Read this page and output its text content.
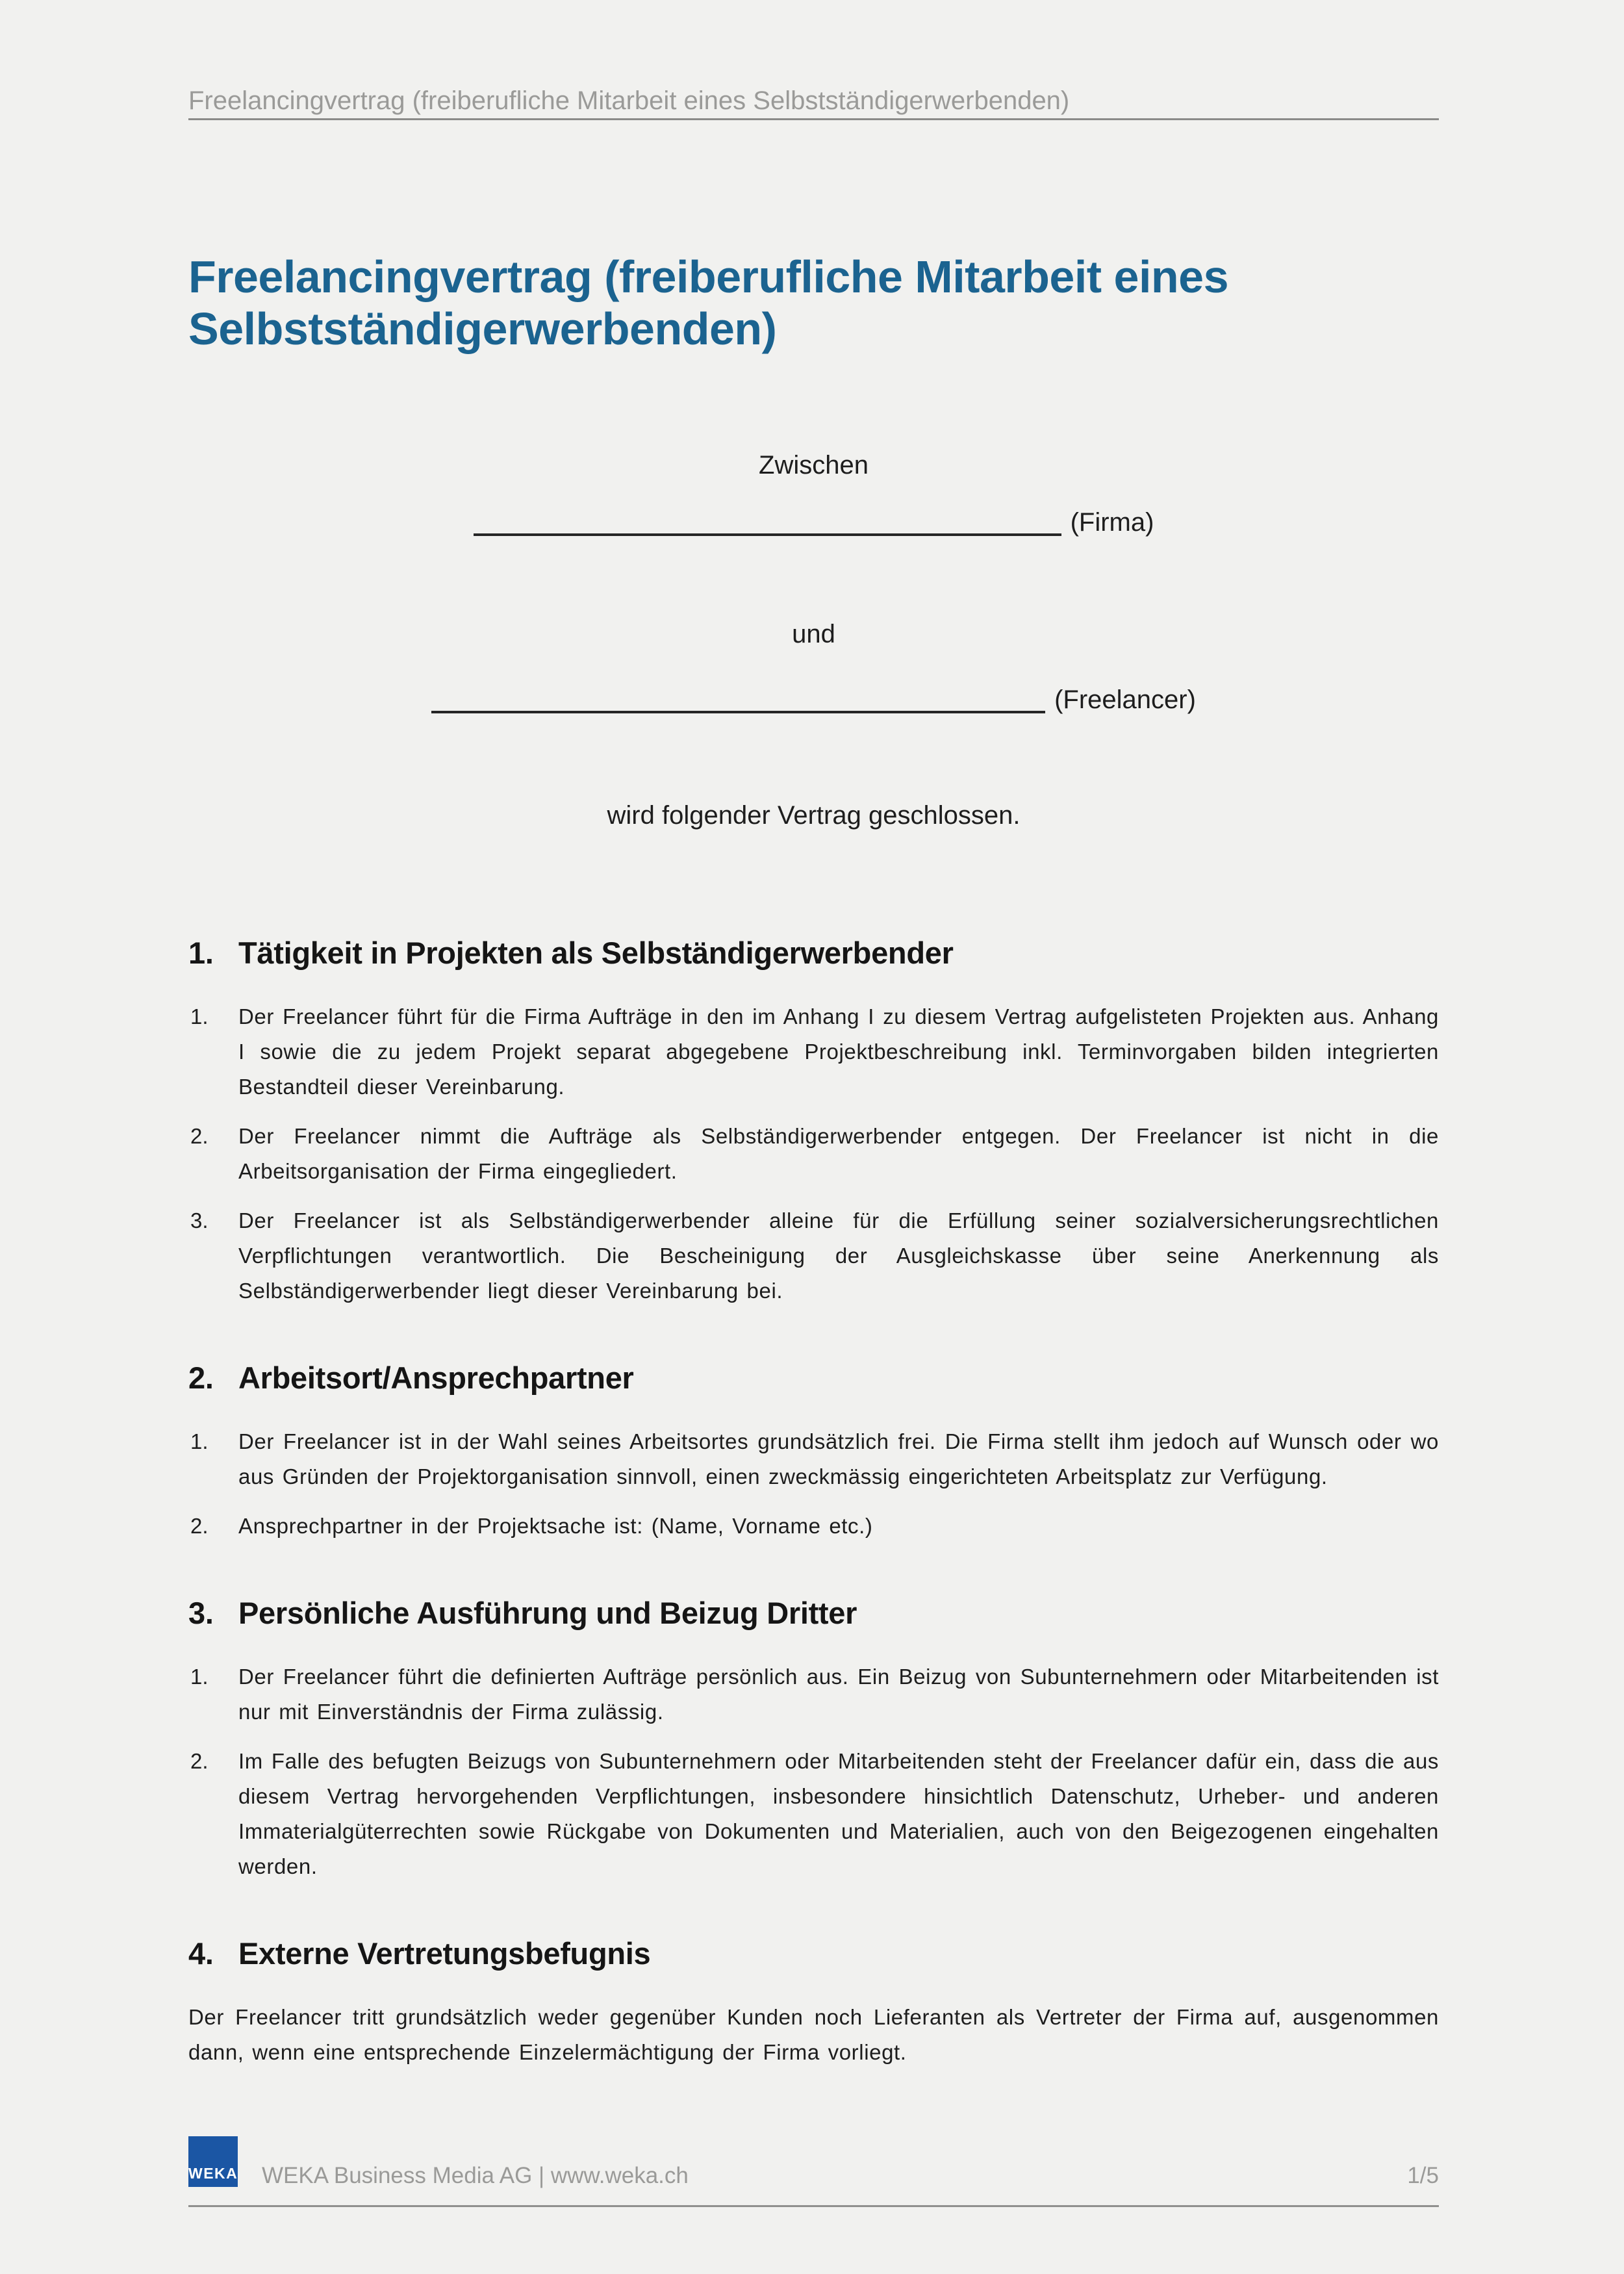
Freelancingvertrag (freiberufliche Mitarbeit eines Selbstständigerwerbenden)
Freelancingvertrag (freiberufliche Mitarbeit eines Selbstständigerwerbenden)
Zwischen
(Firma)
und
(Freelancer)
wird folgender Vertrag geschlossen.
1. Tätigkeit in Projekten als Selbständigerwerbender
1. Der Freelancer führt für die Firma Aufträge in den im Anhang I zu diesem Vertrag aufgelisteten Projekten aus. Anhang I sowie die zu jedem Projekt separat abgegebene Projektbeschreibung inkl. Terminvorgaben bilden integrierten Bestandteil dieser Vereinbarung.
2. Der Freelancer nimmt die Aufträge als Selbständigerwerbender entgegen. Der Freelancer ist nicht in die Arbeitsorganisation der Firma eingegliedert.
3. Der Freelancer ist als Selbständigerwerbender alleine für die Erfüllung seiner sozialversicherungsrechtlichen Verpflichtungen verantwortlich. Die Bescheinigung der Ausgleichskasse über seine Anerkennung als Selbständigerwerbender liegt dieser Vereinbarung bei.
2. Arbeitsort/Ansprechpartner
1. Der Freelancer ist in der Wahl seines Arbeitsortes grundsätzlich frei. Die Firma stellt ihm jedoch auf Wunsch oder wo aus Gründen der Projektorganisation sinnvoll, einen zweckmässig eingerichteten Arbeitsplatz zur Verfügung.
2. Ansprechpartner in der Projektsache ist: (Name, Vorname etc.)
3. Persönliche Ausführung und Beizug Dritter
1. Der Freelancer führt die definierten Aufträge persönlich aus. Ein Beizug von Subunternehmern oder Mitarbeitenden ist nur mit Einverständnis der Firma zulässig.
2. Im Falle des befugten Beizugs von Subunternehmern oder Mitarbeitenden steht der Freelancer dafür ein, dass die aus diesem Vertrag hervorgehenden Verpflichtungen, insbesondere hinsichtlich Datenschutz, Urheber- und anderen Immaterialgüterrechten sowie Rückgabe von Dokumenten und Materialien, auch von den Beigezogenen eingehalten werden.
4. Externe Vertretungsbefugnis

Der Freelancer tritt grundsätzlich weder gegenüber Kunden noch Lieferanten als Vertreter der Firma auf, ausgenommen dann, wenn eine entsprechende Einzelermächtigung der Firma vorliegt.

WEKA WEKA Business Media AG | www.weka.ch	1/5
